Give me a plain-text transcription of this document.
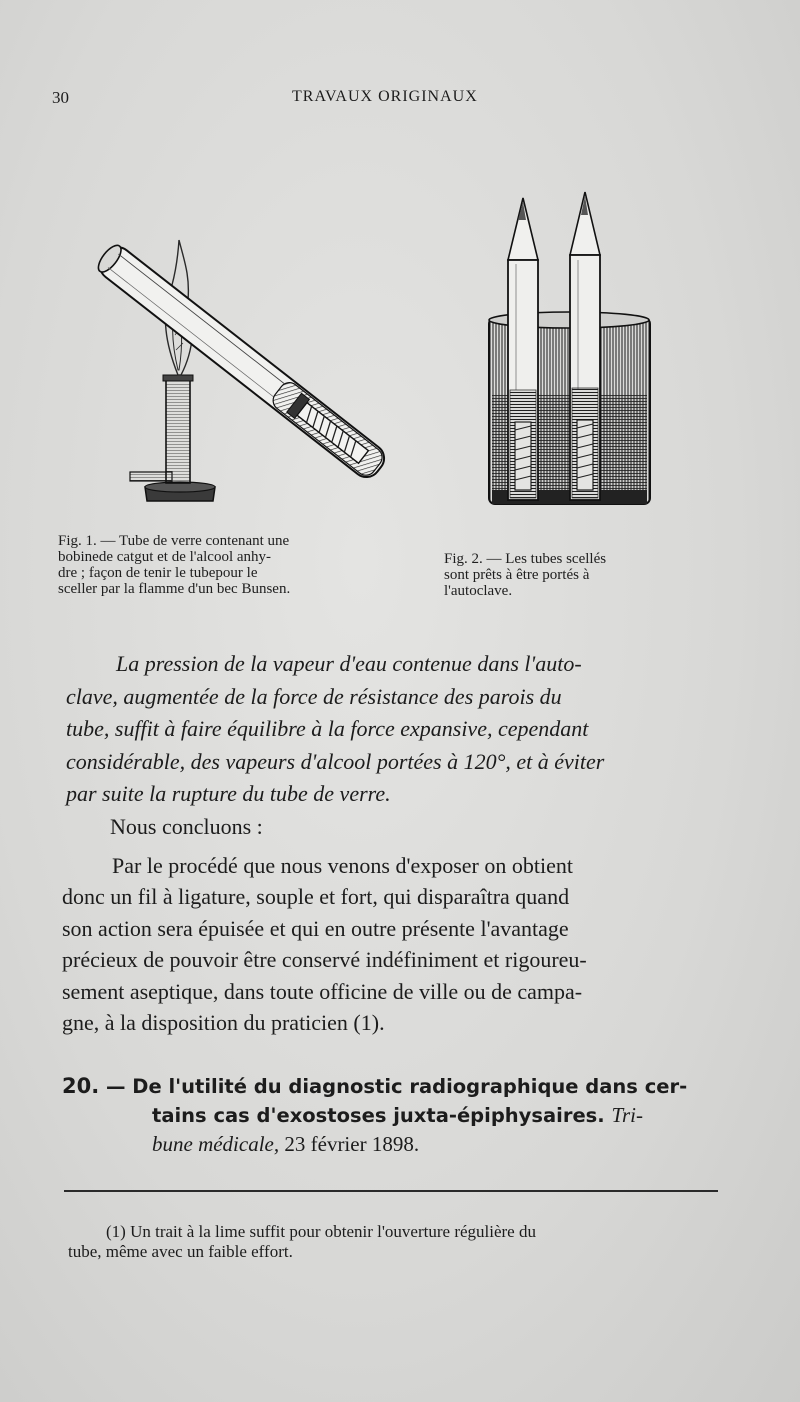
30	TRAVAUX ORIGINAUX
Fig. 1. — Tube de verre contenant une
bobinede catgut et de l'alcool anhy-
dre ; façon de tenir le tubepour le
sceller par la flamme d'un bec Bunsen.
Fig. 2. — Les tubes scellés
sont prêts à être portés à
l'autoclave.
La pression de la vapeur d'eau contenue dans l'auto-
clave, augmentée de la force de résistance des parois du
tube, suffit à faire équilibre à la force expansive, cependant
considérable, des vapeurs d'alcool portées à 120°, et à éviter
par suite la rupture du tube de verre.
Nous concluons :
Par le procédé que nous venons d'exposer on obtient
donc un fil à ligature, souple et fort, qui disparaîtra quand
son action sera épuisée et qui en outre présente l'avantage
précieux de pouvoir être conservé indéfiniment et rigoureu-
sement aseptique, dans toute officine de ville ou de campa-
gne, à la disposition du praticien (1).
20. — De l'utilité du diagnostic radiographique dans cer-
tains cas d'exostoses juxta-épiphysaires. Tri-
bune médicale, 23 février 1898.
(1) Un trait à la lime suffit pour obtenir l'ouverture régulière du
tube, même avec un faible effort.
